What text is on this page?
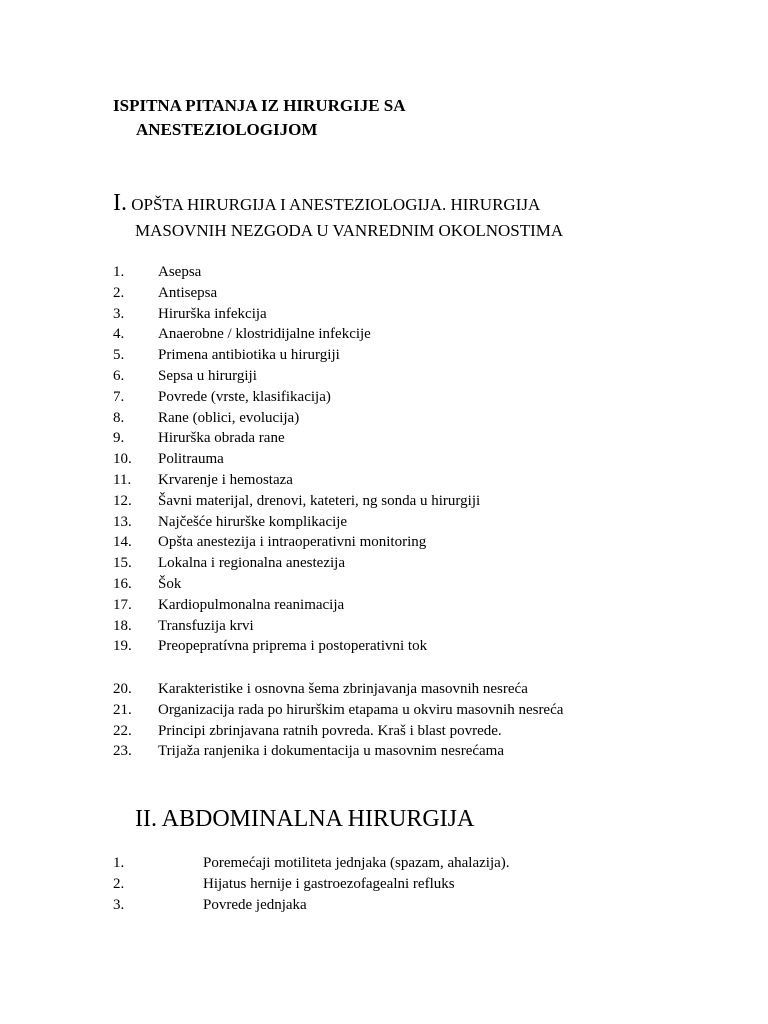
ISPITNA PITANJA IZ HIRURGIJE SA
ANESTEZIOLOGIJOM
I. OPŠTA HIRURGIJA I ANESTEZIOLOGIJA. HIRURGIJA
MASOVNIH NEZGODA U VANREDNIM OKOLNOSTIMA
1. Asepsa
2. Antisepsa
3. Hirurška infekcija
4. Anaerobne / klostridijalne infekcije
5. Primena antibiotika u hirurgiji
6. Sepsa u hirurgiji
7. Povrede (vrste, klasifikacija)
8. Rane (oblici, evolucija)
9. Hirurška obrada rane
10. Politrauma
11. Krvarenje i hemostaza
12. Šavni materijal, drenovi, kateteri, ng sonda u hirurgiji
13. Najčešće hirurške komplikacije
14. Opšta anestezija i intraoperativni monitoring
15. Lokalna i regionalna anestezija
16. Šok
17. Kardiopulmonalna reanimacija
18. Transfuzija krvi
19. Preopepratívna priprema i postoperativni tok
20. Karakteristike i osnovna šema zbrinjavanja masovnih nesreća
21. Organizacija rada po hirurškim etapama u okviru masovnih nesreća
22. Principi zbrinjavana ratnih povreda. Kraš i blast povrede.
23. Trijaža ranjenika i dokumentacija u masovnim nesrećama
II. ABDOMINALNA HIRURGIJA
1.	Poremećaji motiliteta jednjaka (spazam, ahalazija).
2.	Hijatus hernije i gastroezofagealni refluks
3.	Povrede jednjaka
